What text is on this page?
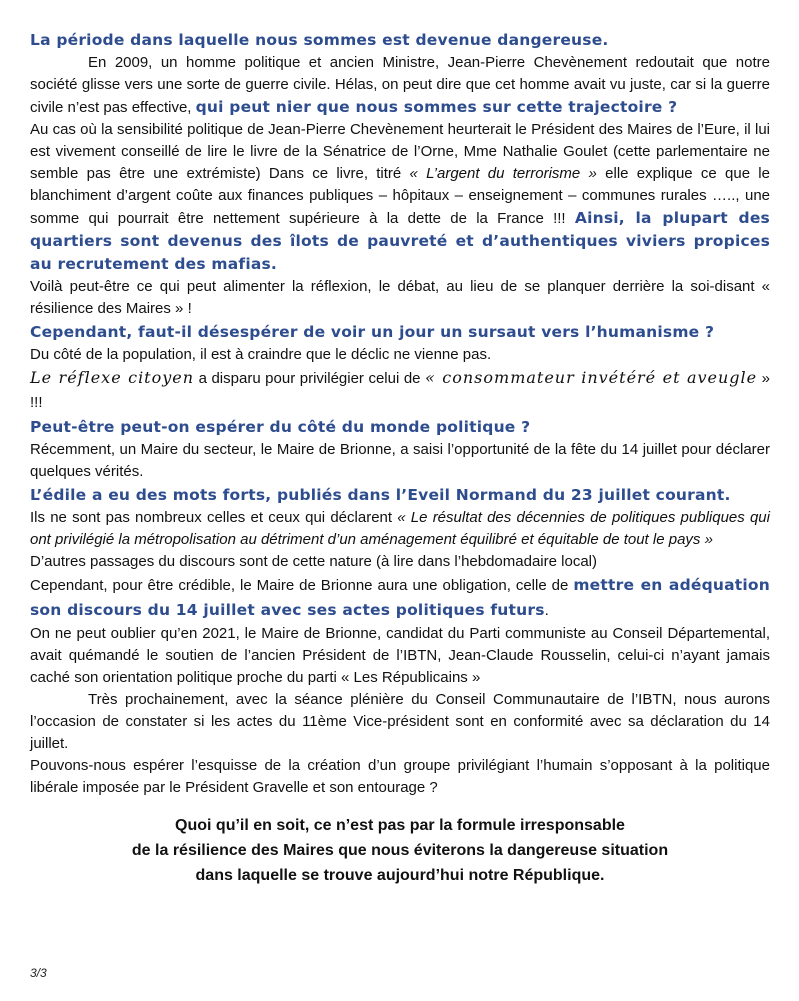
La période dans laquelle nous sommes est devenue dangereuse.

En 2009, un homme politique et ancien Ministre, Jean-Pierre Chevènement redoutait que notre société glisse vers une sorte de guerre civile. Hélas, on peut dire que cet homme avait vu juste, car si la guerre civile n’est pas effective, qui peut nier que nous sommes sur cette trajectoire ?

Au cas où la sensibilité politique de Jean-Pierre Chevènement heurterait le Président des Maires de l’Eure, il lui est vivement conseillé de lire le livre de la Sénatrice de l’Orne, Mme Nathalie Goulet (cette parlementaire ne semble pas être une extrémiste) Dans ce livre, titré « L’argent du terrorisme » elle explique ce que le blanchiment d’argent coûte aux finances publiques – hôpitaux – enseignement – communes rurales ….., une somme qui pourrait être nettement supérieure à la dette de la France !!! Ainsi, la plupart des quartiers sont devenus des îlots de pauvreté et d’authentiques viviers propices au recrutement des mafias.

Voilà peut-être ce qui peut alimenter la réflexion, le débat, au lieu de se planquer derrière la soi-disant « résilience des Maires » !

Cependant, faut-il désespérer de voir un jour un sursaut vers l’humanisme ?

Du côté de la population, il est à craindre que le déclic ne vienne pas.

Le réflexe citoyen a disparu pour privilégier celui de « consommateur invétéré et aveugle » !!!

Peut-être peut-on espérer du côté du monde politique ?

Récemment, un Maire du secteur, le Maire de Brionne, a saisi l’opportunité de la fête du 14 juillet pour déclarer quelques vérités.

L’édile a eu des mots forts, publiés dans l’Eveil Normand du 23 juillet courant.

Ils ne sont pas nombreux celles et ceux qui déclarent « Le résultat des décennies de politiques publiques qui ont privilégié la métropolisation au détriment d’un aménagement équilibré et équitable de tout le pays »

D’autres passages du discours sont de cette nature (à lire dans l’hebdomadaire local)

Cependant, pour être crédible, le Maire de Brionne aura une obligation, celle de mettre en adéquation son discours du 14 juillet avec ses actes politiques futurs.

On ne peut oublier qu’en 2021, le Maire de Brionne, candidat du Parti communiste au Conseil Départemental, avait quémandé le soutien de l’ancien Président de l’IBTN, Jean-Claude Rousselin, celui-ci n’ayant jamais caché son orientation politique proche du parti « Les Républicains »

Très prochainement, avec la séance plénière du Conseil Communautaire de l’IBTN, nous aurons l’occasion de constater si les actes du 11ème Vice-président sont en conformité avec sa déclaration du 14 juillet.

Pouvons-nous espérer l’esquisse de la création d’un groupe privilégiant l’humain s’opposant à la politique libérale imposée par le Président Gravelle et son entourage ?

Quoi qu’il en soit, ce n’est pas par la formule irresponsable
de la résilience des Maires que nous éviterons la dangereuse situation
dans laquelle se trouve aujourd’hui notre République.
3/3
